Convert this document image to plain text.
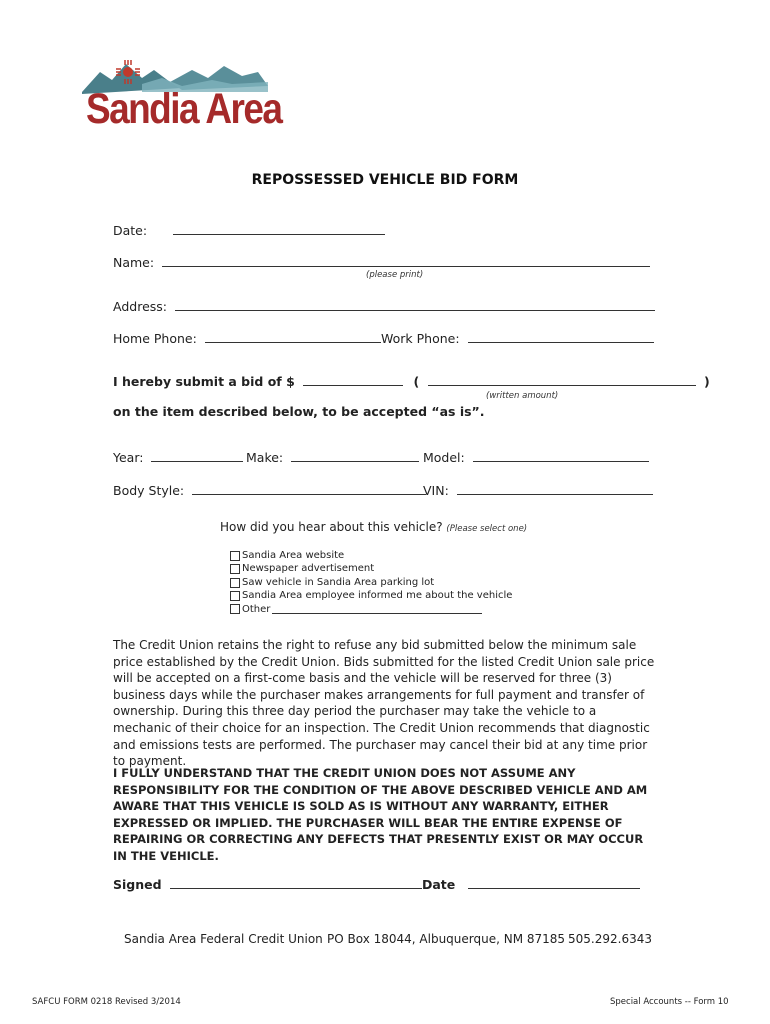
Sandia Area
REPOSSESSED VEHICLE BID FORM
Date:
Name:
(please print)
Address:
Home Phone:	Work Phone:
I hereby submit a bid of $	(	)
(written amount)
on the item described below, to be accepted “as is”.
Year:	Make:	Model:
Body Style:	VIN:
How did you hear about this vehicle? (Please select one)
Sandia Area website
Newspaper advertisement
Saw vehicle in Sandia Area parking lot
Sandia Area employee informed me about the vehicle
Other
The Credit Union retains the right to refuse any bid submitted below the minimum sale price established by the Credit Union. Bids submitted for the listed Credit Union sale price will be accepted on a first-come basis and the vehicle will be reserved for three (3) business days while the purchaser makes arrangements for full payment and transfer of ownership. During this three day period the purchaser may take the vehicle to a mechanic of their choice for an inspection. The Credit Union recommends that diagnostic and emissions tests are performed. The purchaser may cancel their bid at any time prior to payment.
I FULLY UNDERSTAND THAT THE CREDIT UNION DOES NOT ASSUME ANY RESPONSIBILITY FOR THE CONDITION OF THE ABOVE DESCRIBED VEHICLE AND AM AWARE THAT THIS VEHICLE IS SOLD AS IS WITHOUT ANY WARRANTY, EITHER EXPRESSED OR IMPLIED. THE PURCHASER WILL BEAR THE ENTIRE EXPENSE OF REPAIRING OR CORRECTING ANY DEFECTS THAT PRESENTLY EXIST OR MAY OCCUR IN THE VEHICLE.
Signed	Date
Sandia Area Federal Credit Union PO Box 18044, Albuquerque, NM 87185 505.292.6343
SAFCU FORM 0218 Revised 3/2014	Special Accounts -- Form 10
